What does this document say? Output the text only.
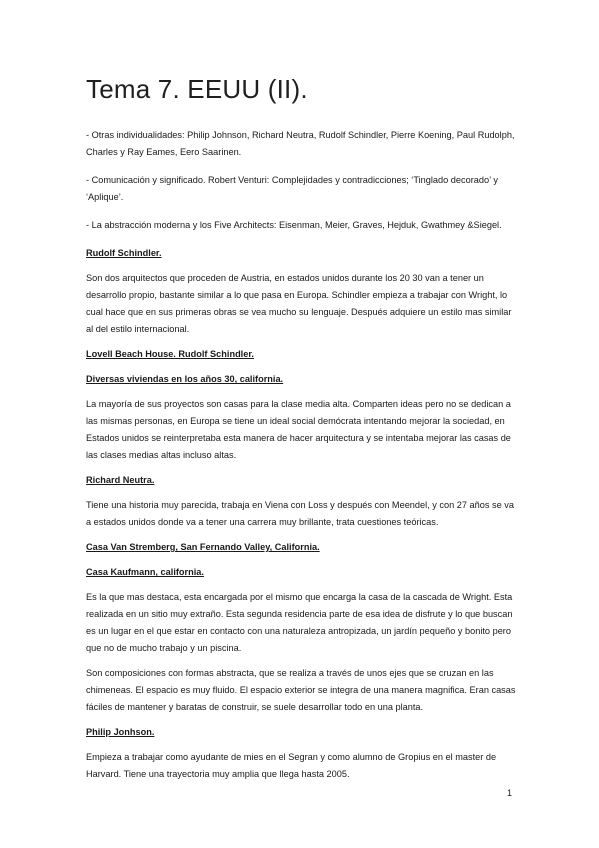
Tema 7. EEUU (II).

- Otras individualidades: Philip Johnson, Richard Neutra, Rudolf Schindler, Pierre Koening, Paul Rudolph, Charles y Ray Eames, Eero Saarinen.

- Comunicación y significado. Robert Venturi: Complejidades y contradicciones; ‘Tinglado decorado’ y ‘Aplique’.

- La abstracción moderna y los Five Architects: Eisenman, Meier, Graves, Hejduk, Gwathmey &Siegel.

Rudolf Schindler.

Son dos arquitectos que proceden de Austria, en estados unidos durante los 20 30 van a tener un desarrollo propio, bastante similar a lo que pasa en Europa. Schindler empieza a trabajar con Wright, lo cual hace que en sus primeras obras se vea mucho su lenguaje. Después adquiere un estilo mas similar al del estilo internacional.

Lovell Beach House. Rudolf Schindler.

Diversas viviendas en los años 30, california.

La mayoría de sus proyectos son casas para la clase media alta. Comparten ideas pero no se dedican a las mismas personas, en Europa se tiene un ideal social demócrata intentando mejorar la sociedad, en Estados unidos se reinterpretaba esta manera de hacer arquitectura y se intentaba mejorar las casas de las clases medias altas incluso altas.

Richard Neutra.

Tiene una historia muy parecida, trabaja en Viena con Loss y después con Meendel, y con 27 años se va a estados unidos donde va a tener una carrera muy brillante, trata cuestiones teóricas.

Casa Van Stremberg, San Fernando Valley, California.

Casa Kaufmann, california.

Es la que mas destaca, esta encargada por el mismo que encarga la casa de la cascada de Wright. Esta realizada en un sitio muy extraño. Esta segunda residencia parte de esa idea de disfrute y lo que buscan es un lugar en el que estar en contacto con una naturaleza antropizada, un jardín pequeño y bonito pero que no de mucho trabajo y un piscina.

Son composiciones con formas abstracta, que se realiza a través de unos ejes que se cruzan en las chimeneas. El espacio es muy fluido. El espacio exterior se integra de una manera magnifica. Eran casas fáciles de mantener y baratas de construir, se suele desarrollar todo en una planta.

Philip Jonhson.

Empieza a trabajar como ayudante de mies en el Segran y como alumno de Gropius en el master de Harvard. Tiene una trayectoria muy amplia que llega hasta 2005.

1
